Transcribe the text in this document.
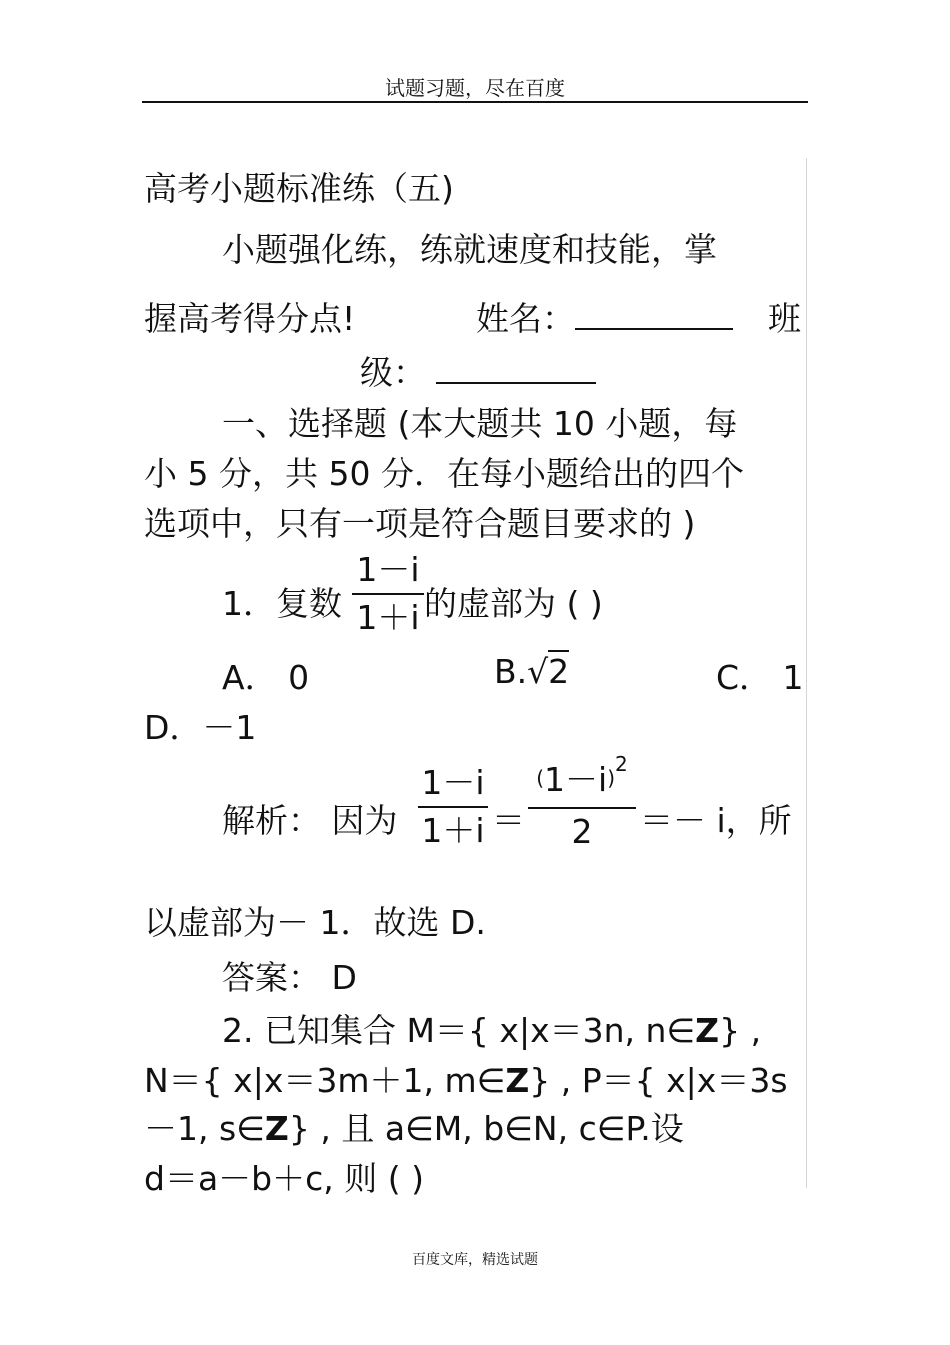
试题习题，尽在百度
高考小题标准练（五)
小题强化练，练就速度和技能，掌
握高考得分点!	姓名：	班
级：
一、选择题 (本大题共 10 小题，每
小 5 分，共 50 分．在每小题给出的四个
选项中，只有一项是符合题目要求的 )
1．复数
1－i
1＋i 的虚部为 ( )
A． 0	B.√2	C． 1
D．－1
解析： 因为
1－i
1＋i ＝
$(1-i)^2$
2	＝－ i，所
以虚部为－ 1．故选 D.
答案： D
2. 已知集合 M＝{ x|x＝3n, n∈Z} ,
N＝{ x|x＝3m＋1, m∈Z} , P＝{ x|x＝3s
－1, s∈Z} , 且 a∈M, b∈N, c∈P.设
d＝a－b＋c, 则 ( )
百度文库，精选试题
